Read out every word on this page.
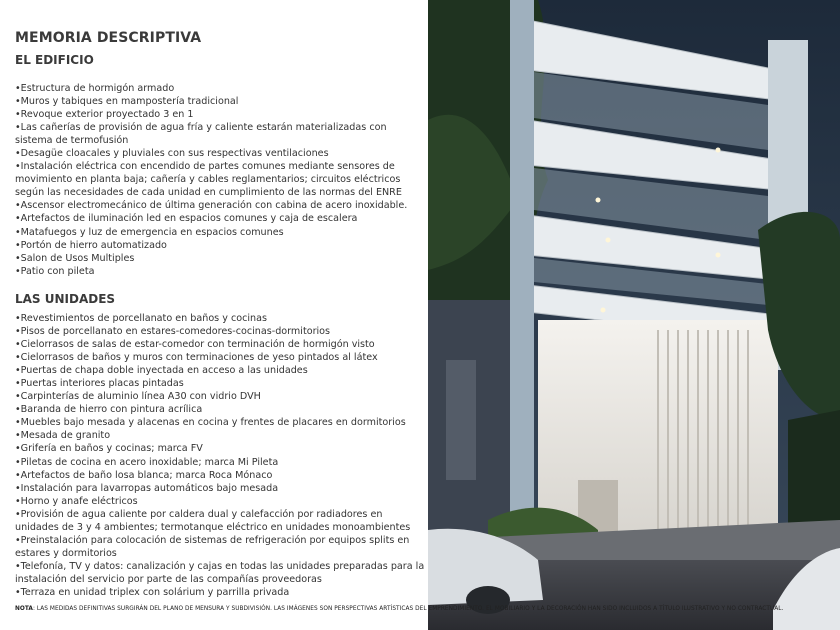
MEMORIA DESCRIPTIVA
EL EDIFICIO
•Estructura de hormigón armado
•Muros y tabiques en mampostería tradicional
•Revoque exterior proyectado 3 en 1
•Las cañerías de provisión de agua fría y caliente estarán materializadas con sistema de termofusión
•Desagüe cloacales y pluviales con sus respectivas ventilaciones
•Instalación eléctrica con encendido de partes comunes mediante sensores de movimiento en planta baja; cañería y cables reglamentarios; circuitos eléctricos según las necesidades de cada unidad en cumplimiento de las normas del ENRE
•Ascensor electromecánico de última generación con cabina de acero inoxidable.
•Artefactos de iluminación led en espacios comunes y caja de escalera
•Matafuegos y luz de emergencia en espacios comunes
•Portón de hierro automatizado
•Salon de Usos Multiples
•Patio con pileta
LAS UNIDADES
•Revestimientos de porcellanato en baños y cocinas
•Pisos de porcellanato en estares-comedores-cocinas-dormitorios
•Cielorrasos de salas de estar-comedor con terminación de hormigón visto
•Cielorrasos de baños y muros con terminaciones de yeso pintados al látex
•Puertas de chapa doble inyectada en acceso a las unidades
•Puertas interiores placas pintadas
•Carpinterías de aluminio línea A30 con vidrio DVH
•Baranda de hierro con pintura acrílica
•Muebles bajo mesada y alacenas en cocina y frentes de placares en dormitorios
•Mesada de granito
•Grifería en baños y cocinas; marca FV
•Piletas de cocina en acero inoxidable; marca Mi Pileta
•Artefactos de baño losa blanca; marca Roca Mónaco
•Instalación para lavarropas automáticos bajo mesada
•Horno y anafe eléctricos
•Provisión de agua caliente por caldera dual y calefacción por radiadores en unidades de 3 y 4 ambientes; termotanque eléctrico en unidades monoambientes
•Preinstalación para colocación de sistemas de refrigeración por equipos splits en estares y dormitorios
•Telefonía, TV y datos: canalización y cajas en todas las unidades preparadas para la instalación del servicio por parte de las compañías proveedoras
•Terraza en unidad triplex con solárium y parrilla privada
NOTA: LAS MEDIDAS DEFINITIVAS SURGIRÁN DEL PLANO DE MENSURA Y SUBDIVISIÓN. LAS IMÁGENES SON PERSPECTIVAS ARTÍSTICAS DEL EMPRENDIMIENTO. EL MOBILIARIO Y LA DECORACIÓN HAN SIDO INCLUIDOS A TÍTULO ILUSTRATIVO Y NO CONTRACTUAL.
